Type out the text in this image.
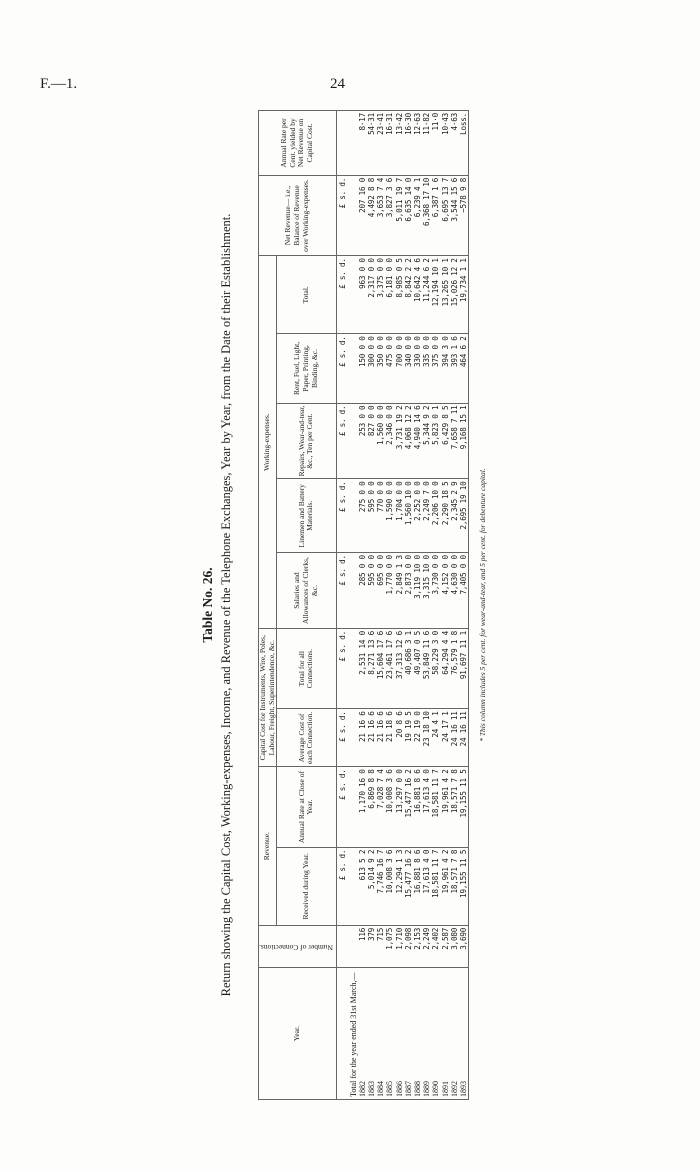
F.—1.	24
Table No. 26. Return showing the Capital Cost, Working-expenses, Income, and Revenue of the Telephone Exchanges, Year by Year, from the Date of their Establishment.
Year.	Number of Connections.	Revenue.		Capital Cost for Instruments, Wire, Poles, Labour, Freight, Superintendence, &c.		Working-expenses.					Net Revenue— i.e., Balance of Revenue over Working-expenses.	Annual Rate per Cent. yielded by Net Revenue on Capital Cost.
		Received during Year.	Annual Rate at Close of Year.	Average Cost of each Connection.	Total for all Connections.	Salaries and Allowances of Clerks, &c.	Linemen and Battery Materials.	Repairs, Wear-and-tear, &c., Ten per Cent.	Rent, Fuel, Light, Paper, Printing, Binding, &c.	Total.		
		£ s. d.	£ s. d.	£ s. d.	£ s. d.	£ s. d.	£ s. d.	£ s. d.	£ s. d.	£ s. d.	£ s. d.	
Total for the year ended 31st March,—												
1882	116	613 5 2	1,170 16 0	21 16 6	2,531 14 0	285 0 0	275 0 0	253 0 0	150 0 0	963 0 0	207 16 0	8·17
1883	379	5,014 9 2	6,869 8 8	21 16 6	8,271 13 6	595 0 0	595 0 0	827 0 0	300 0 0	2,317 0 0	4,492 8 8	54·31
1884	715	7,746 16 7	7,028 7 4	21 16 6	15,604 17 6	695 0 0	770 0 0	1,560 0 0	350 0 0	3,375 0 0	3,653 7 4	23·41
1885	1,075	10,008 3 6	10,008 3 6	21 18 6	23,461 17 6	1,770 0 0	1,590 0 0	2,346 0 0	475 0 0	6,181 0 0	3,827 3 6	16·31
1886	1,710	12,294 1 3	13,297 0 0	20 8 6	37,313 12 6	2,849 1 3	1,704 0 0	3,731 19 2	700 0 0	8,985 0 5	5,011 19 7	13·42
1887	2,098	15,477 16 2	15,477 16 2	19 19 5	40,686 3 1	2,873 0 0	1,560 10 0	4,068 12 2	340 0 0	8,842 2 2	6,635 14 0	16·30
1888	2,153	16,881 8 6	16,881 8 6	22 19 0	49,407 0 5	3,119 10 0	2,252 0 0	4,940 14 6	330 0 0	10,642 4 6	6,239 4 1	12·63
1889	2,249	17,613 4 0	17,613 4 0	23 18 10	53,849 11 6	3,315 10 0	2,249 7 0	5,344 9 2	335 0 0	11,244 6 2	6,368 17 10	11·82
1890	2,402	18,581 11 7	18,581 11 7	24 4 1	58,229 3 0	3,730 0 0	2,206 10 0	5,823 0 1	375 0 0	12,194 10 1	6,387 1 6	11·0
1891	2,587	19,961 4 2	19,961 4 2	24 17 1	64,294 4 4	4,152 0 0	2,290 18 5	6,429 8 5	394 3 0	13,265 10 1	6,695 13 7	10·43
1892	3,080	18,571 7 8	18,571 7 8	24 16 11	76,579 1 8	4,630 0 0	2,345 2 9	7,658 7 11	393 1 6	15,026 12 2	3,544 15 6	4·63
1893	3,690	19,155 11 5	19,155 11 5	24 16 11	91,697 11 1	7,405 0 0	2,695 19 10	9,168 15 1	464 6 2	19,734 1 1	−578 9 8	Loss.
* This column includes 5 per cent. for wear-and-tear, and 5 per cent. for debenture capital.
